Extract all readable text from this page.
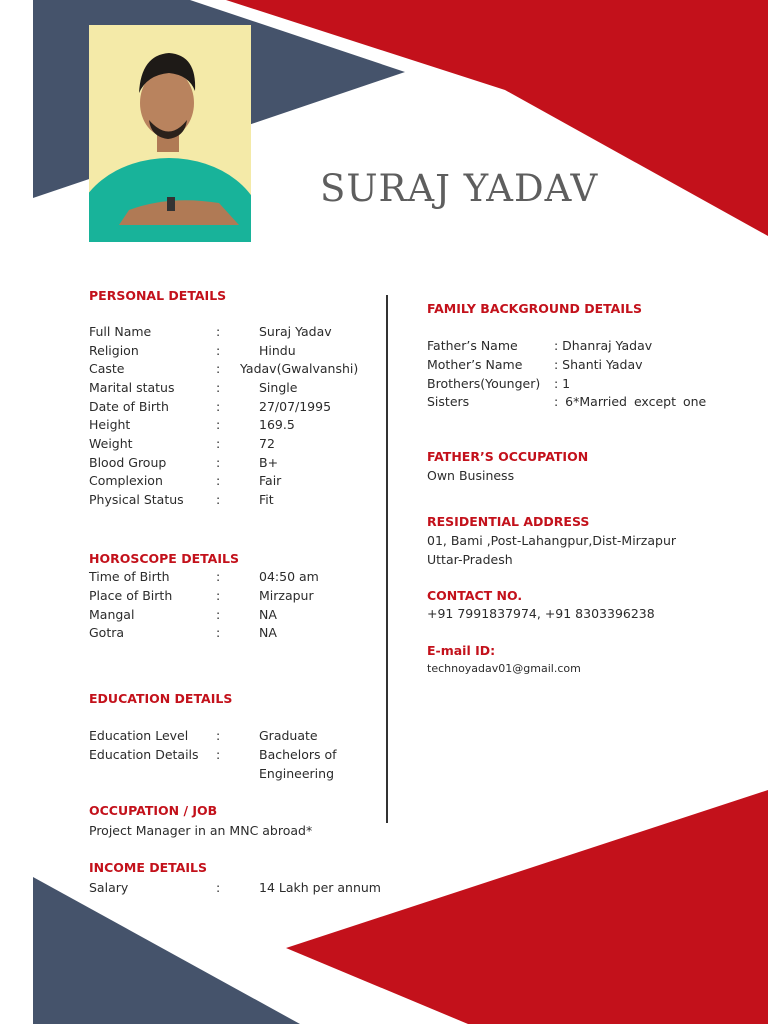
SURAJ YADAV
PERSONAL DETAILS
Full Name	:	Suraj Yadav
Religion	:	Hindu
Caste	: Yadav(Gwalvanshi)
Marital status	:	Single
Date of Birth	:	27/07/1995
Height	:	169.5
Weight	:	72
Blood Group	:	B+
Complexion	:	Fair
Physical Status	:	Fit
HOROSCOPE DETAILS
Time of Birth	:	04:50 am
Place of Birth	:	Mirzapur
Mangal	:	NA
Gotra	:	NA
EDUCATION DETAILS
Education Level :	Graduate
Education Details :	Bachelors of
Engineering
OCCUPATION / JOB
Project Manager in an MNC abroad*
INCOME DETAILS
Salary	:	14 Lakh per annum
FAMILY BACKGROUND DETAILS
Father’s Name	: Dhanraj Yadav
Mother’s Name	: Shanti Yadav
Brothers(Younger) : 1
Sisters	: 6*Married except one
FATHER’S OCCUPATION
Own Business
RESIDENTIAL ADDRESS
01, Bami ,Post-Lahangpur,Dist-Mirzapur
Uttar-Pradesh
CONTACT NO.
+91 7991837974, +91 8303396238
E-mail ID:
technoyadav01@gmail.com
